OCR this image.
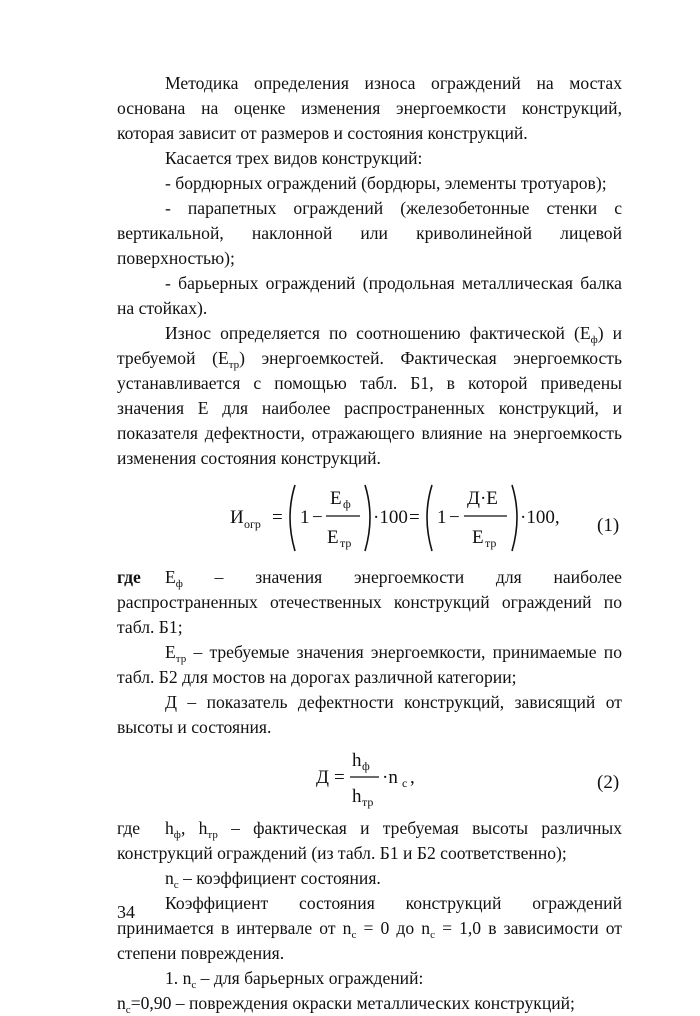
Методика определения износа ограждений на мостах основана на оценке изменения энергоемкости конструкций, которая зависит от размеров и состояния конструкций.

Касается трех видов конструкций:

- бордюрных ограждений (бордюры, элементы тротуаров);

- парапетных ограждений (железобетонные стенки с вертикальной, наклонной или криволинейной лицевой поверхностью);

- барьерных ограждений (продольная металлическая балка на стойках).

Износ определяется по соотношению фактической $(Е_ф)$ и требуемой $(Е_{тр})$ энергоемкостей. Фактическая энергоемкость устанавливается с помощью табл. Б1, в которой приведены значения Е для наиболее распространенных конструкций, и показателя дефектности, отражающего влияние на энергоемкость изменения состояния конструкций.

И огр = 1 −
Е ф
Е тр
·100 = 1 −
Д·Е
Е тр
·100, (1)

где $Е_ф$ – значения энергоемкости для наиболее распространенных отечественных конструкций ограждений по табл. Б1;

$Е_{тр}$ – требуемые значения энергоемкости, принимаемые по табл. Б2 для мостов на дорогах различной категории;

Д – показатель дефектности конструкций, зависящий от высоты и состояния.

Д =
h ф
h тр
·n с ,	(2)

где $h_ф$, $h_{тр}$ – фактическая и требуемая высоты различных конструкций ограждений (из табл. Б1 и Б2 соответственно);

$n_с$ – коэффициент состояния.

Коэффициент состояния конструкций ограждений принимается в интервале от $n_с = 0$ до $n_с = 1,0$ в зависимости от степени повреждения.

1. $n_с$ – для барьерных ограждений:

$n_с=0,90$ – повреждения окраски металлических конструкций;

34
